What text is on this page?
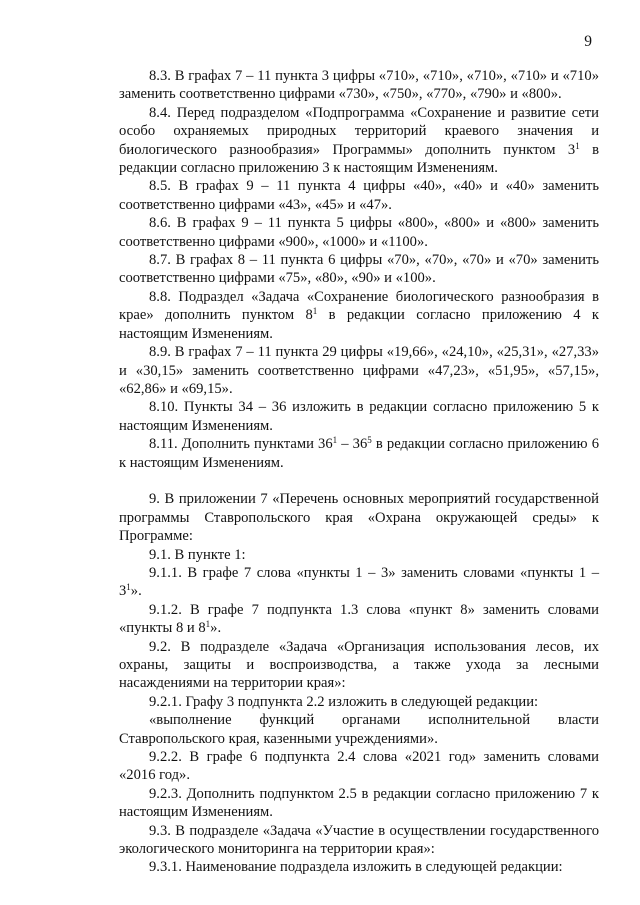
9

8.3. В графах 7 – 11 пункта 3 цифры «710», «710», «710», «710» и «710» заменить соответственно цифрами «730», «750», «770», «790» и «800».

8.4. Перед подразделом «Подпрограмма «Сохранение и развитие сети особо охраняемых природных территорий краевого значения и биологического разнообразия» Программы» дополнить пунктом $3^1$ в редакции согласно приложению 3 к настоящим Изменениям.

8.5. В графах 9 – 11 пункта 4 цифры «40», «40» и «40» заменить соответственно цифрами «43», «45» и «47».

8.6. В графах 9 – 11 пункта 5 цифры «800», «800» и «800» заменить соответственно цифрами «900», «1000» и «1100».

8.7. В графах 8 – 11 пункта 6 цифры «70», «70», «70» и «70» заменить соответственно цифрами «75», «80», «90» и «100».

8.8. Подраздел «Задача «Сохранение биологического разнообразия в крае» дополнить пунктом $8^1$ в редакции согласно приложению 4 к настоящим Изменениям.

8.9. В графах 7 – 11 пункта 29 цифры «19,66», «24,10», «25,31», «27,33» и «30,15» заменить соответственно цифрами «47,23», «51,95», «57,15», «62,86» и «69,15».

8.10. Пункты 34 – 36 изложить в редакции согласно приложению 5 к настоящим Изменениям.

8.11. Дополнить пунктами $36^1 - 36^5$ в редакции согласно приложению 6 к настоящим Изменениям.

9. В приложении 7 «Перечень основных мероприятий государственной программы Ставропольского края «Охрана окружающей среды» к Программе:

9.1. В пункте 1:

9.1.1. В графе 7 слова «пункты 1 – 3» заменить словами «пункты $1 - 3^1$».

9.1.2. В графе 7 подпункта 1.3 слова «пункт 8» заменить словами «пункты 8 и $8^1$».

9.2. В подразделе «Задача «Организация использования лесов, их охраны, защиты и воспроизводства, а также ухода за лесными насаждениями на территории края»:

9.2.1. Графу 3 подпункта 2.2 изложить в следующей редакции:

«выполнение функций органами исполнительной власти Ставропольского края, казенными учреждениями».

9.2.2. В графе 6 подпункта 2.4 слова «2021 год» заменить словами «2016 год».

9.2.3. Дополнить подпунктом 2.5 в редакции согласно приложению 7 к настоящим Изменениям.

9.3. В подразделе «Задача «Участие в осуществлении государственного экологического мониторинга на территории края»:

9.3.1. Наименование подраздела изложить в следующей редакции:
